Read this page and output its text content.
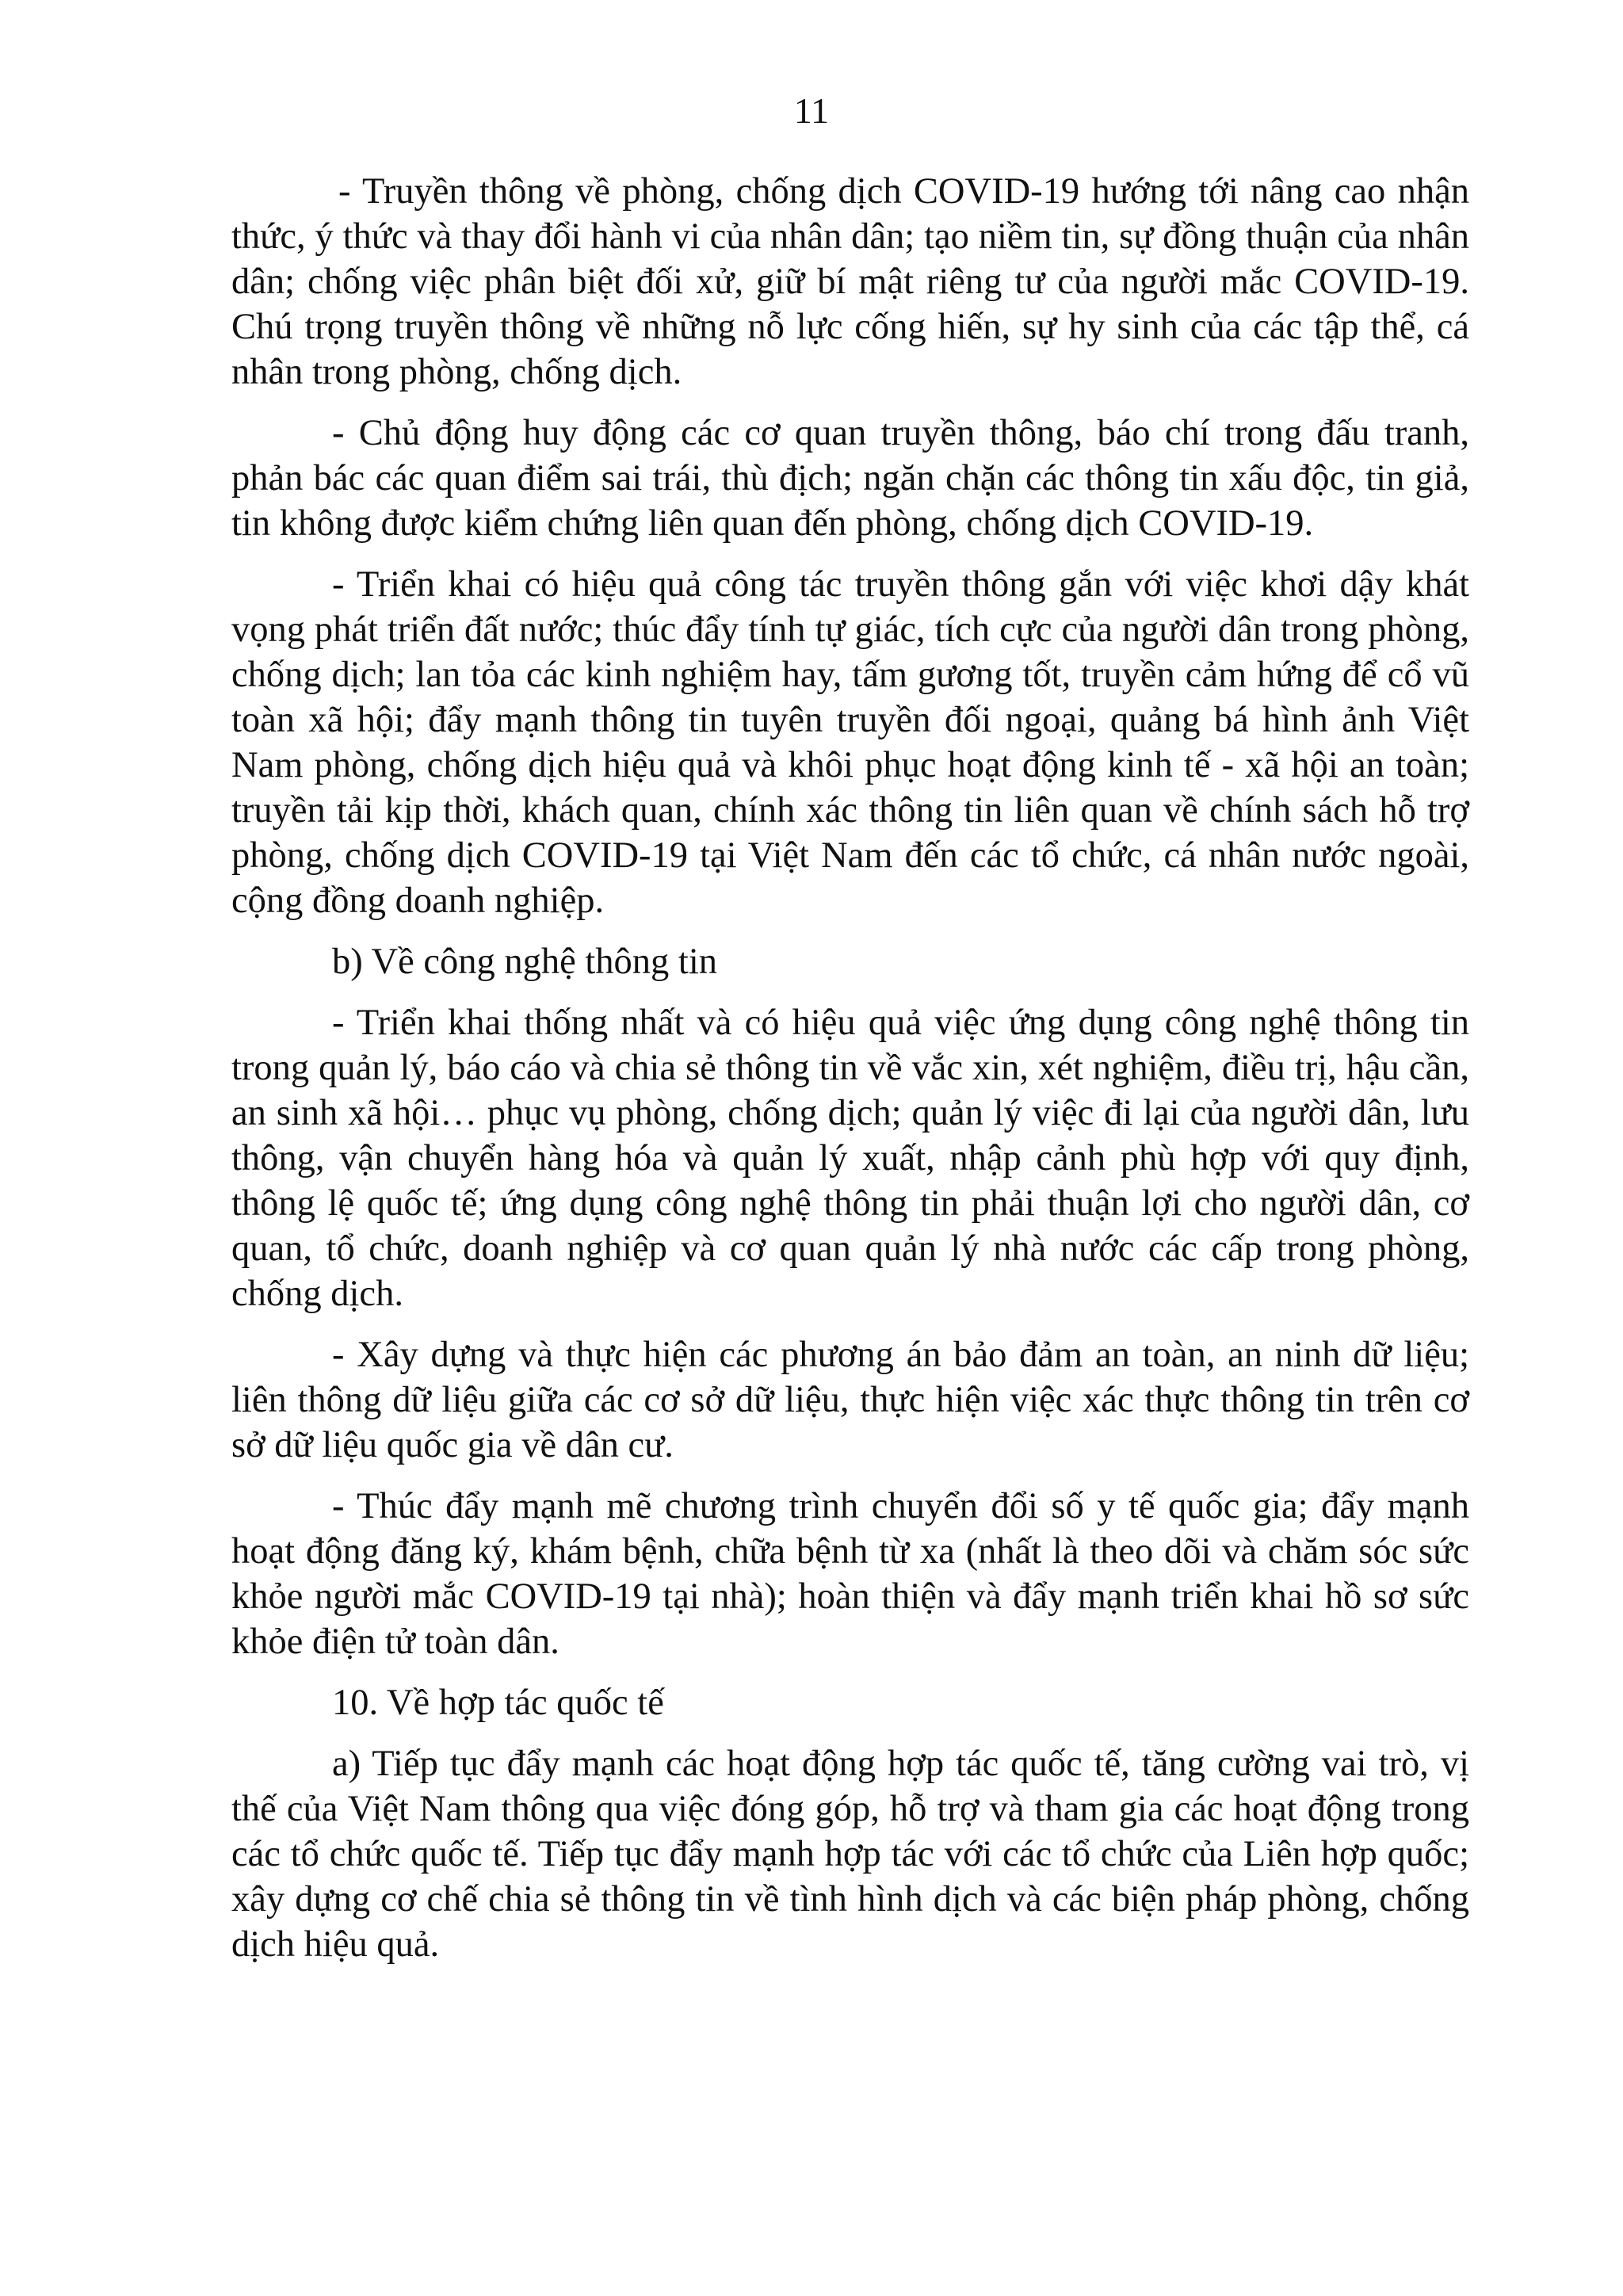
11

- Truyền thông về phòng, chống dịch COVID-19 hướng tới nâng cao nhận thức, ý thức và thay đổi hành vi của nhân dân; tạo niềm tin, sự đồng thuận của nhân dân; chống việc phân biệt đối xử, giữ bí mật riêng tư của người mắc COVID-19. Chú trọng truyền thông về những nỗ lực cống hiến, sự hy sinh của các tập thể, cá nhân trong phòng, chống dịch.

- Chủ động huy động các cơ quan truyền thông, báo chí trong đấu tranh, phản bác các quan điểm sai trái, thù địch; ngăn chặn các thông tin xấu độc, tin giả, tin không được kiểm chứng liên quan đến phòng, chống dịch COVID-19.

- Triển khai có hiệu quả công tác truyền thông gắn với việc khơi dậy khát vọng phát triển đất nước; thúc đẩy tính tự giác, tích cực của người dân trong phòng, chống dịch; lan tỏa các kinh nghiệm hay, tấm gương tốt, truyền cảm hứng để cổ vũ toàn xã hội; đẩy mạnh thông tin tuyên truyền đối ngoại, quảng bá hình ảnh Việt Nam phòng, chống dịch hiệu quả và khôi phục hoạt động kinh tế - xã hội an toàn; truyền tải kịp thời, khách quan, chính xác thông tin liên quan về chính sách hỗ trợ phòng, chống dịch COVID-19 tại Việt Nam đến các tổ chức, cá nhân nước ngoài, cộng đồng doanh nghiệp.

b) Về công nghệ thông tin

- Triển khai thống nhất và có hiệu quả việc ứng dụng công nghệ thông tin trong quản lý, báo cáo và chia sẻ thông tin về vắc xin, xét nghiệm, điều trị, hậu cần, an sinh xã hội… phục vụ phòng, chống dịch; quản lý việc đi lại của người dân, lưu thông, vận chuyển hàng hóa và quản lý xuất, nhập cảnh phù hợp với quy định, thông lệ quốc tế; ứng dụng công nghệ thông tin phải thuận lợi cho người dân, cơ quan, tổ chức, doanh nghiệp và cơ quan quản lý nhà nước các cấp trong phòng, chống dịch.

- Xây dựng và thực hiện các phương án bảo đảm an toàn, an ninh dữ liệu; liên thông dữ liệu giữa các cơ sở dữ liệu, thực hiện việc xác thực thông tin trên cơ sở dữ liệu quốc gia về dân cư.

- Thúc đẩy mạnh mẽ chương trình chuyển đổi số y tế quốc gia; đẩy mạnh hoạt động đăng ký, khám bệnh, chữa bệnh từ xa (nhất là theo dõi và chăm sóc sức khỏe người mắc COVID-19 tại nhà); hoàn thiện và đẩy mạnh triển khai hồ sơ sức khỏe điện tử toàn dân.

10. Về hợp tác quốc tế

a) Tiếp tục đẩy mạnh các hoạt động hợp tác quốc tế, tăng cường vai trò, vị thế của Việt Nam thông qua việc đóng góp, hỗ trợ và tham gia các hoạt động trong các tổ chức quốc tế. Tiếp tục đẩy mạnh hợp tác với các tổ chức của Liên hợp quốc; xây dựng cơ chế chia sẻ thông tin về tình hình dịch và các biện pháp phòng, chống dịch hiệu quả.
